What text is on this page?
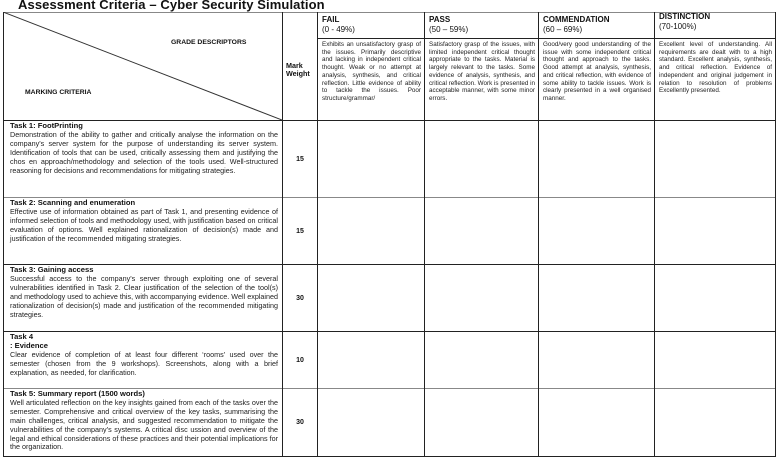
Assessment Criteria – Cyber Security Simulation
GRADE DESCRIPTORS
MARKING CRITERIA
Mark Weight
FAIL
(0 - 49%)
PASS
(50 – 59%)
COMMENDATION
(60 – 69%)
DISTINCTION
(70-100%)
Exhibits an unsatisfactory grasp of the issues. Primarily descriptive and lacking in independent critical thought. Weak or no attempt at analysis, synthesis, and critical reflection. Little evidence of ability to tackle the issues. Poor structure/grammar/
Satisfactory grasp of the issues, with limited independent critical thought appropriate to the tasks. Material is largely relevant to the tasks. Some evidence of analysis, synthesis, and critical reflection. Work is presented in acceptable manner, with some minor errors.
Good/very good understanding of the issue with some independent critical thought and approach to the tasks. Good attempt at analysis, synthesis, and critical reflection, with evidence of some ability to tackle issues. Work is clearly presented in a well organised manner.
Excellent level of understanding. All requirements are dealt with to a high standard. Excellent analysis, synthesis, and critical reflection. Evidence of independent and original judgement in relation to resolution of problems Excellently presented.
Task 1: FootPrinting
Demonstration of the ability to gather and critically analyse the information on the company’s server system for the purpose of understanding its server system. Identification of tools that can be used, critically assessing them and justifying the chos en approach/methodology and selection of the tools used. Well-structured reasoning for decisions and recommendations for mitigating strategies.
15
Task 2: Scanning and enumeration
Effective use of information obtained as part of Task 1, and presenting evidence of informed selection of tools and methodology used, with justification based on critical evaluation of options. Well explained rationalization of decision(s) made and justification of the recommended mitigating strategies.
15
Task 3: Gaining access
Successful access to the company’s server through exploiting one of several vulnerabilities identified in Task 2. Clear justification of the selection of the tool(s) and methodology used to achieve this, with accompanying evidence. Well explained rationalization of decision(s) made and justification of the recommended mitigating strategies.
30
Task 4
: Evidence
Clear evidence of completion of at least four different ‘rooms’ used over the semester (chosen from the 9 workshops). Screenshots, along with a brief explanation, as needed, for clarification.
10
Task 5: Summary report (1500 words)
Well articulated reflection on the key insights gained from each of the tasks over the semester. Comprehensive and critical overview of the key tasks, summarising the main challenges, critical analysis, and suggested recommendation to mitigate the vulnerabilities of the company’s systems. A critical disc ussion and overview of the legal and ethical considerations of these practices and their potential implications for the organization.
30
